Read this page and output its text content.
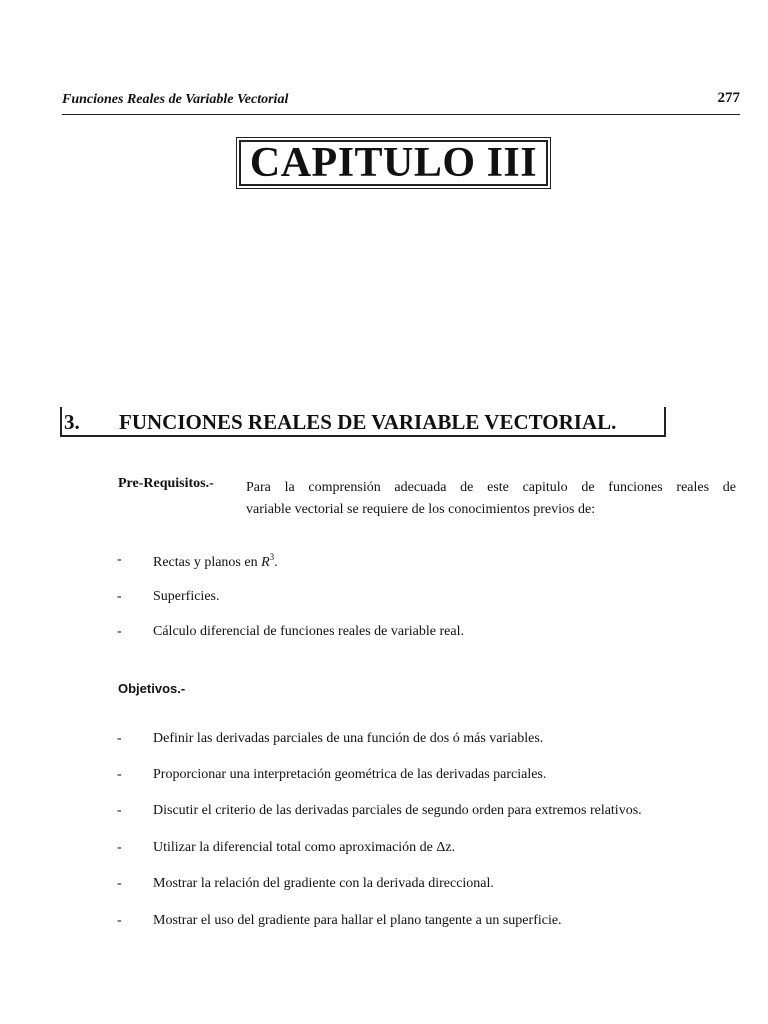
Funciones Reales de Variable Vectorial	277
CAPITULO III
3. FUNCIONES REALES DE VARIABLE VECTORIAL.
Pre-Requisitos.- Para la comprensión adecuada de este capitulo de funciones reales de
variable vectorial se requiere de los conocimientos previos de:
- Rectas y planos en $R^3$.
- Superficies.
- Cálculo diferencial de funciones reales de variable real.
Objetivos.-
- Definir las derivadas parciales de una función de dos ó más variables.
- Proporcionar una interpretación geométrica de las derivadas parciales.
- Discutir el criterio de las derivadas parciales de segundo orden para extremos relativos.
- Utilizar la diferencial total como aproximación de Δz.
- Mostrar la relación del gradiente con la derivada direccional.
- Mostrar el uso del gradiente para hallar el plano tangente a un superficie.
